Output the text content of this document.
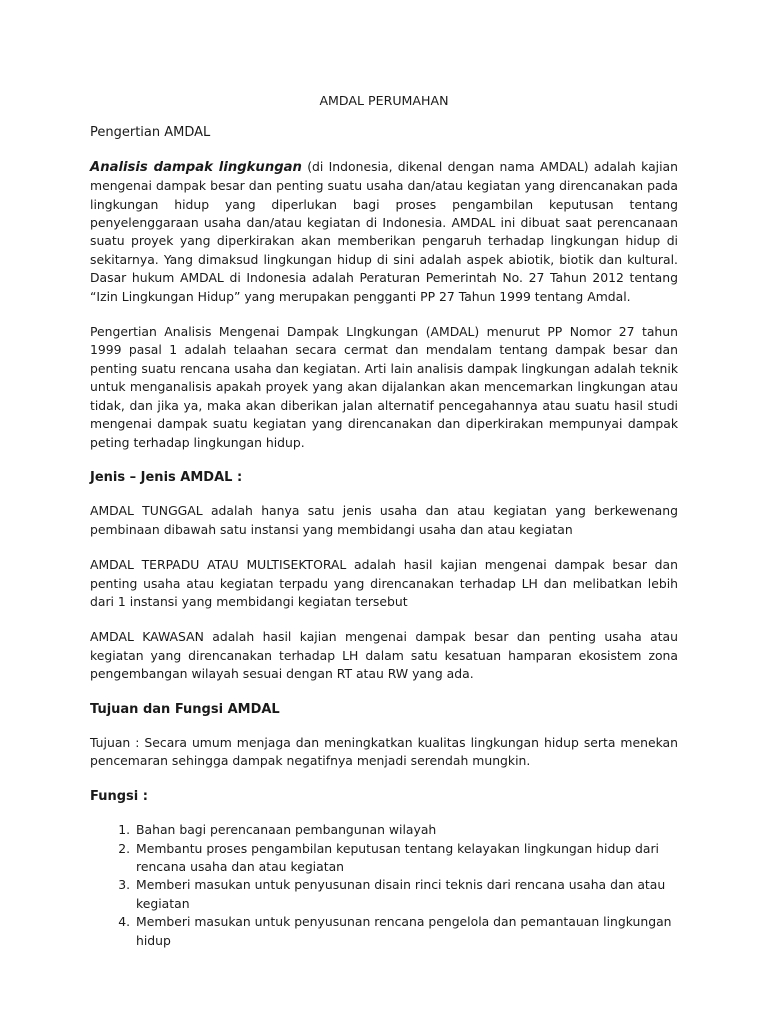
AMDAL PERUMAHAN
Pengertian AMDAL

Analisis dampak lingkungan (di Indonesia, dikenal dengan nama AMDAL) adalah kajian mengenai dampak besar dan penting suatu usaha dan/atau kegiatan yang direncanakan pada lingkungan hidup yang diperlukan bagi proses pengambilan keputusan tentang penyelenggaraan usaha dan/atau kegiatan di Indonesia. AMDAL ini dibuat saat perencanaan suatu proyek yang diperkirakan akan memberikan pengaruh terhadap lingkungan hidup di sekitarnya. Yang dimaksud lingkungan hidup di sini adalah aspek abiotik, biotik dan kultural. Dasar hukum AMDAL di Indonesia adalah Peraturan Pemerintah No. 27 Tahun 2012 tentang “Izin Lingkungan Hidup” yang merupakan pengganti PP 27 Tahun 1999 tentang Amdal.

Pengertian Analisis Mengenai Dampak LIngkungan (AMDAL) menurut PP Nomor 27 tahun 1999 pasal 1 adalah telaahan secara cermat dan mendalam tentang dampak besar dan penting suatu rencana usaha dan kegiatan. Arti lain analisis dampak lingkungan adalah teknik untuk menganalisis apakah proyek yang akan dijalankan akan mencemarkan lingkungan atau tidak, dan jika ya, maka akan diberikan jalan alternatif pencegahannya atau suatu hasil studi mengenai dampak suatu kegiatan yang direncanakan dan diperkirakan mempunyai dampak peting terhadap lingkungan hidup.

Jenis – Jenis AMDAL :

AMDAL TUNGGAL adalah hanya satu jenis usaha dan atau kegiatan yang berkewenang pembinaan dibawah satu instansi yang membidangi usaha dan atau kegiatan

AMDAL TERPADU ATAU MULTISEKTORAL adalah hasil kajian mengenai dampak besar dan penting usaha atau kegiatan terpadu yang direncanakan terhadap LH dan melibatkan lebih dari 1 instansi yang membidangi kegiatan tersebut

AMDAL KAWASAN adalah hasil kajian mengenai dampak besar dan penting usaha atau kegiatan yang direncanakan terhadap LH dalam satu kesatuan hamparan ekosistem zona pengembangan wilayah sesuai dengan RT atau RW yang ada.

Tujuan dan Fungsi AMDAL

Tujuan : Secara umum menjaga dan meningkatkan kualitas lingkungan hidup serta menekan pencemaran sehingga dampak negatifnya menjadi serendah mungkin.

Fungsi :
1. Bahan bagi perencanaan pembangunan wilayah
2. Membantu proses pengambilan keputusan tentang kelayakan lingkungan hidup dari rencana usaha dan atau kegiatan
3. Memberi masukan untuk penyusunan disain rinci teknis dari rencana usaha dan atau kegiatan
4. Memberi masukan untuk penyusunan rencana pengelola dan pemantauan lingkungan hidup
